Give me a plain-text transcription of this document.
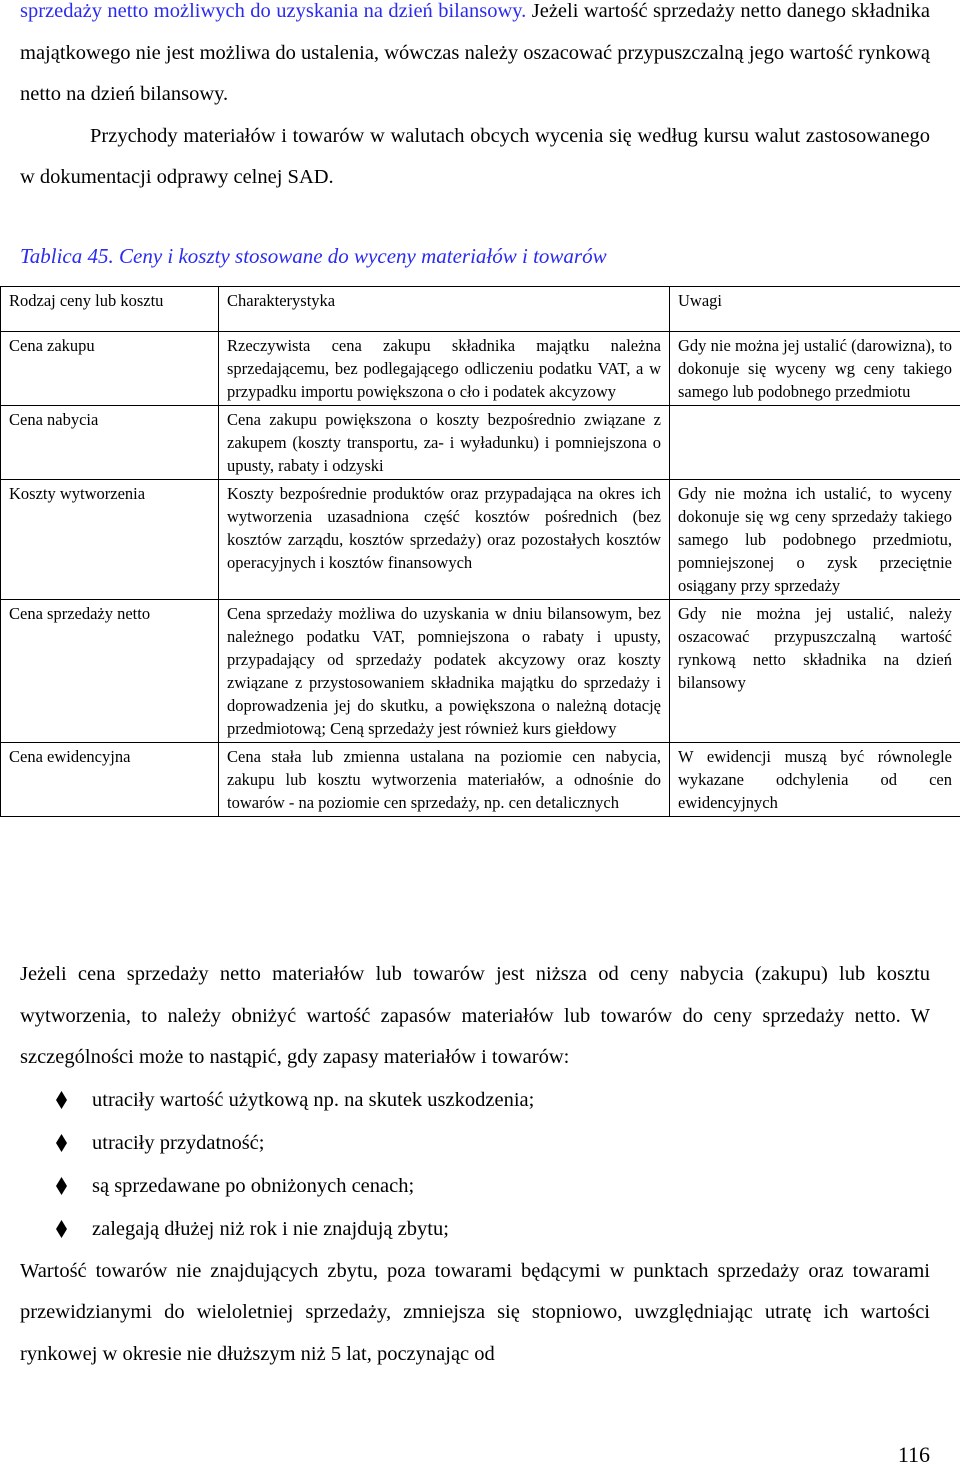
sprzedaży netto możliwych do uzyskania na dzień bilansowy. Jeżeli wartość sprzedaży netto danego składnika majątkowego nie jest możliwa do ustalenia, wówczas należy oszacować przypuszczalną jego wartość rynkową netto na dzień bilansowy.

Przychody materiałów i towarów w walutach obcych wycenia się według kursu walut zastosowanego w dokumentacji odprawy celnej SAD.

Tablica 45. Ceny i koszty stosowane do wyceny materiałów i towarów
Rodzaj ceny lub kosztu	Charakterystyka	Uwagi
Cena zakupu	Rzeczywista cena zakupu składnika majątku należna sprzedającemu, bez podlegającego odliczeniu podatku VAT, a w przypadku importu powiększona o cło i podatek akcyzowy	Gdy nie można jej ustalić (darowizna), to dokonuje się wyceny wg ceny takiego samego lub podobnego przedmiotu
Cena nabycia	Cena zakupu powiększona o koszty bezpośrednio związane z zakupem (koszty transportu, za- i wyładunku) i pomniejszona o upusty, rabaty i odzyski	
Koszty wytworzenia	Koszty bezpośrednie produktów oraz przypadająca na okres ich wytworzenia uzasadniona część kosztów pośrednich (bez kosztów zarządu, kosztów sprzedaży) oraz pozostałych kosztów operacyjnych i kosztów finansowych	Gdy nie można ich ustalić, to wyceny dokonuje się wg ceny sprzedaży takiego samego lub podobnego przedmiotu, pomniejszonej o zysk przeciętnie osiągany przy sprzedaży
Cena sprzedaży netto	Cena sprzedaży możliwa do uzyskania w dniu bilansowym, bez należnego podatku VAT, pomniejszona o rabaty i upusty, przypadający od sprzedaży podatek akcyzowy oraz koszty związane z przystosowaniem składnika majątku do sprzedaży i doprowadzenia jej do skutku, a powiększona o należną dotację przedmiotową; Ceną sprzedaży jest również kurs giełdowy	Gdy nie można jej ustalić, należy oszacować przypuszczalną wartość rynkową netto składnika na dzień bilansowy
Cena ewidencyjna	Cena stała lub zmienna ustalana na poziomie cen nabycia, zakupu lub kosztu wytworzenia materiałów, a odnośnie do towarów - na poziomie cen sprzedaży, np. cen detalicznych	W ewidencji muszą być równolegle wykazane odchylenia od cen ewidencyjnych

Jeżeli cena sprzedaży netto materiałów lub towarów jest niższa od ceny nabycia (zakupu) lub kosztu wytworzenia, to należy obniżyć wartość zapasów materiałów lub towarów do ceny sprzedaży netto. W szczególności może to nastąpić, gdy zapasy materiałów i towarów:

utraciły wartość użytkową np. na skutek uszkodzenia;
utraciły przydatność;
są sprzedawane po obniżonych cenach;
zalegają dłużej niż rok i nie znajdują zbytu;

Wartość towarów nie znajdujących zbytu, poza towarami będącymi w punktach sprzedaży oraz towarami przewidzianymi do wieloletniej sprzedaży, zmniejsza się stopniowo, uwzględniając utratę ich wartości rynkowej w okresie nie dłuższym niż 5 lat, poczynając od

116
